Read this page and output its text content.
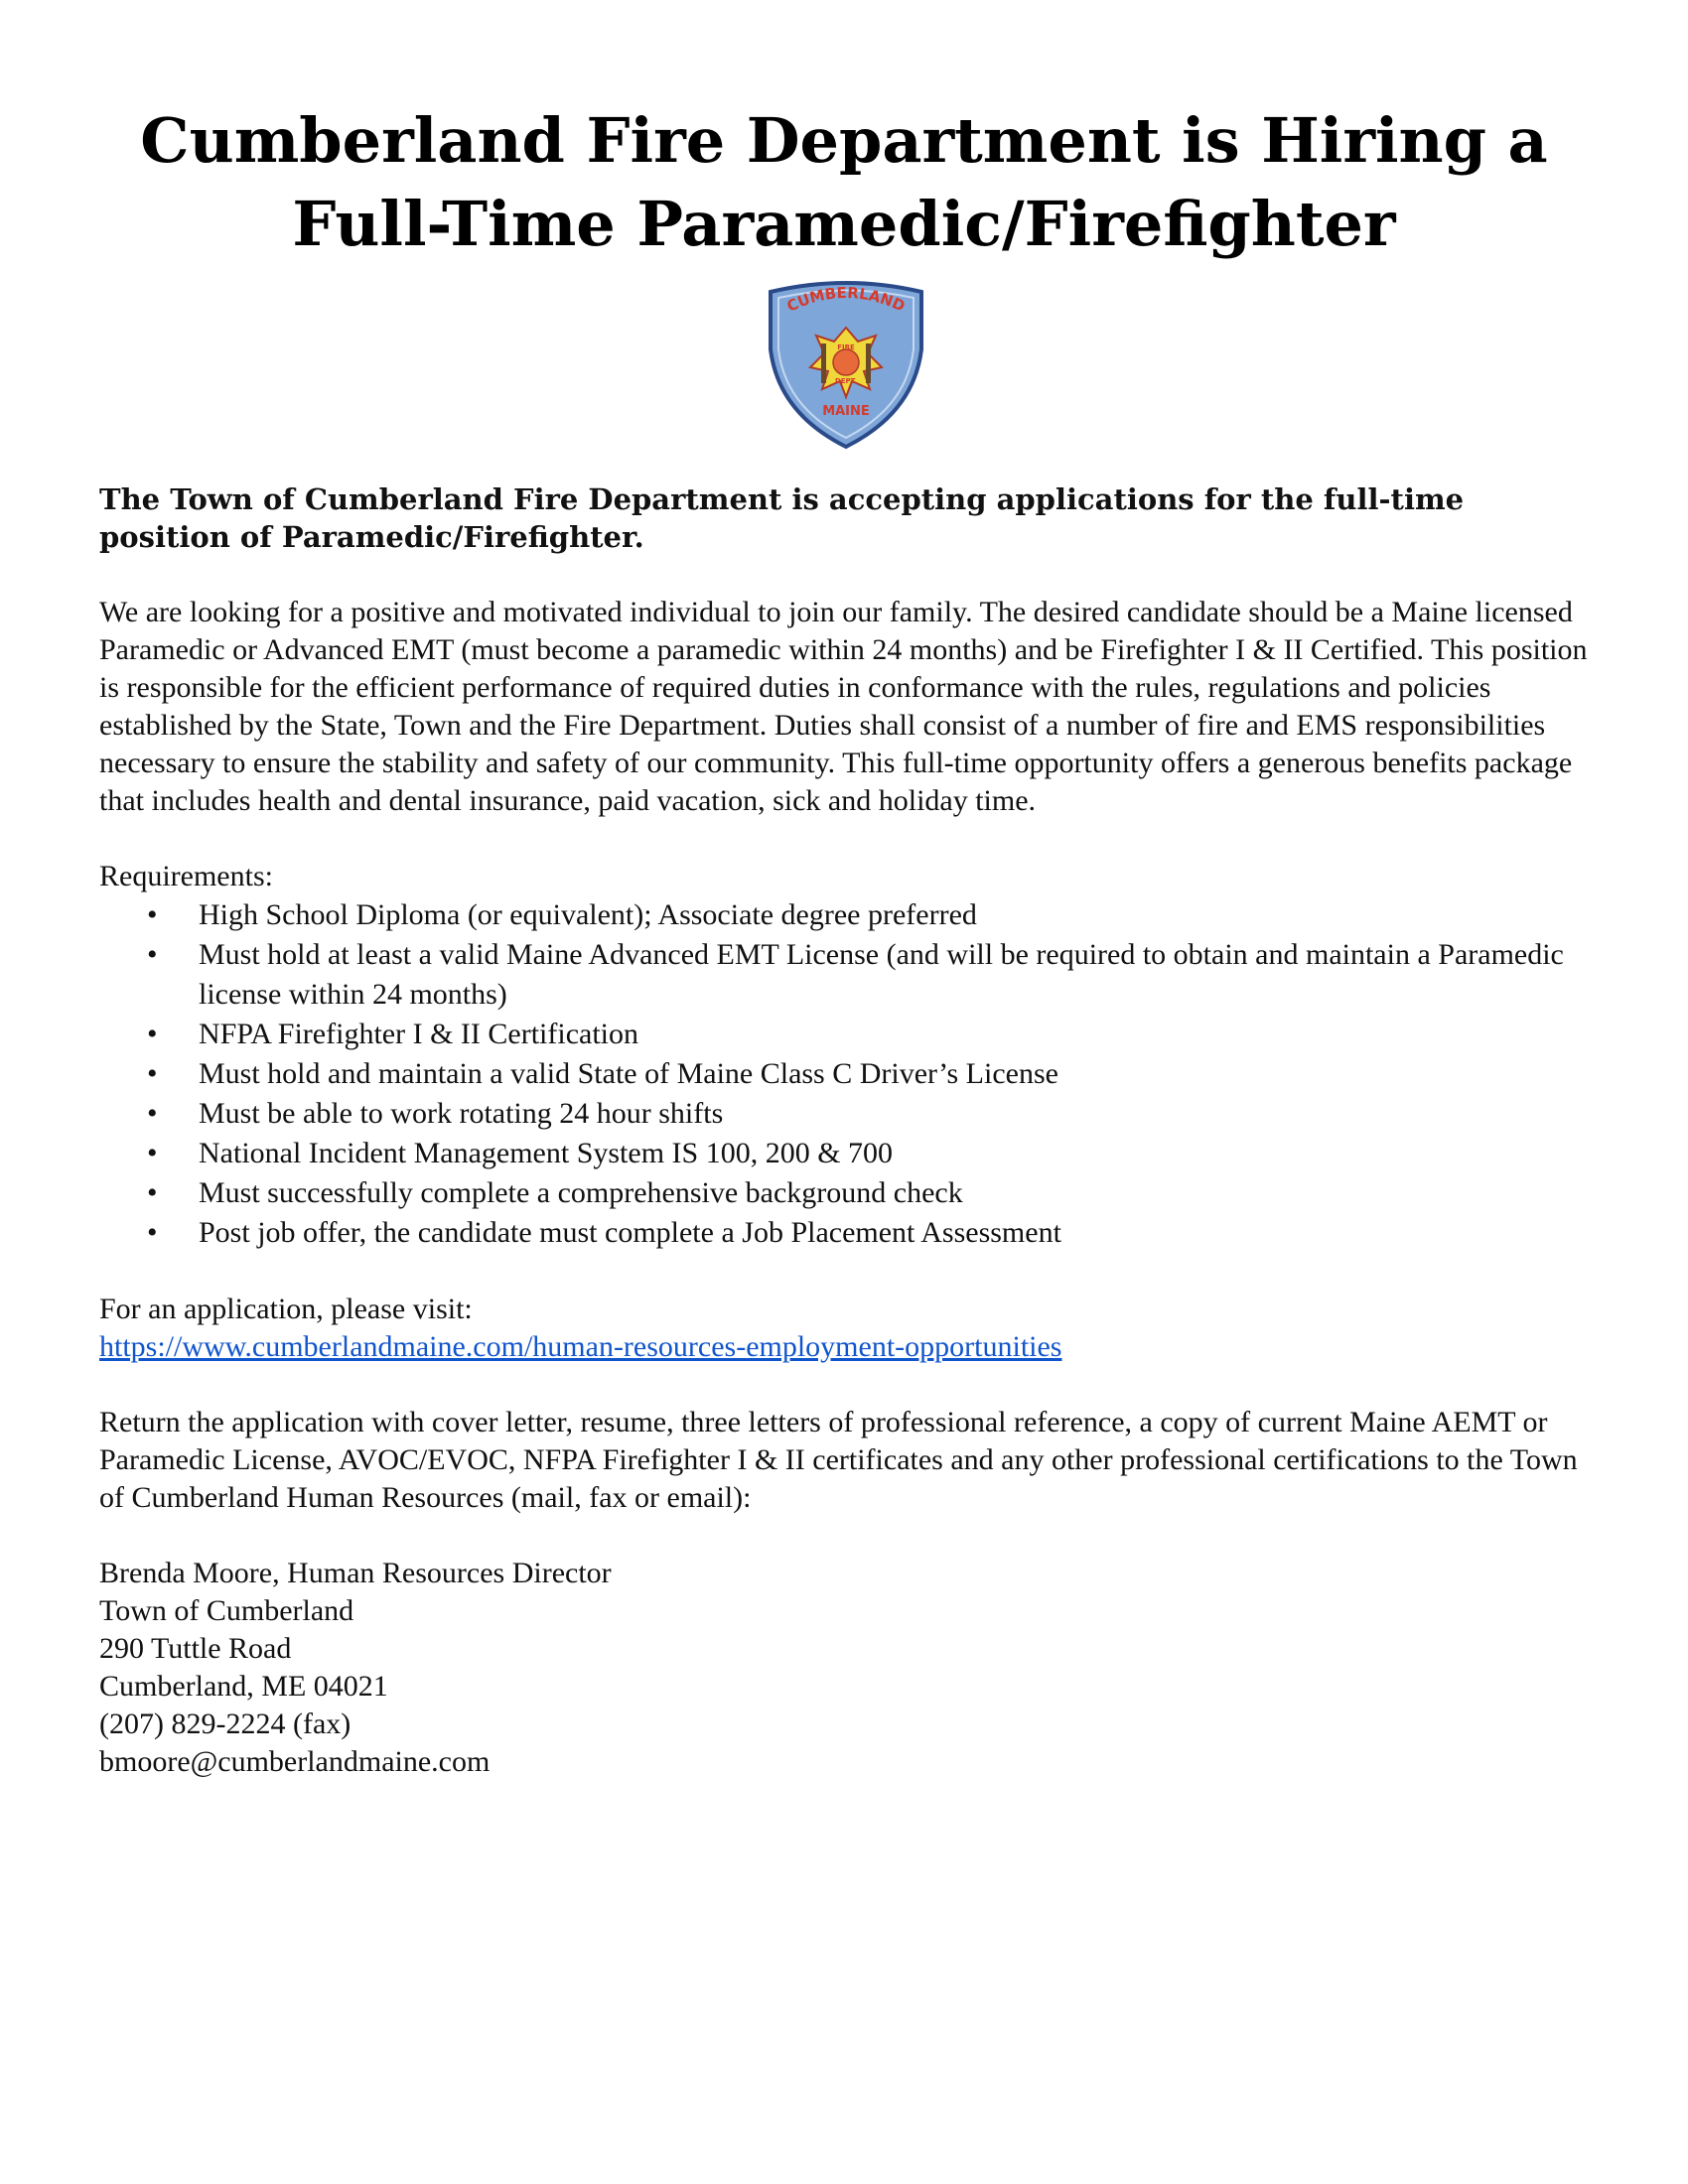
Cumberland Fire Department is Hiring a
Full-Time Paramedic/Firefighter
CUMBERLAND
FIRE
DEPT.
MAINE

The Town of Cumberland Fire Department is accepting applications for the full-time position of Paramedic/Firefighter.

We are looking for a positive and motivated individual to join our family. The desired candidate should be a Maine licensed Paramedic or Advanced EMT (must become a paramedic within 24 months) and be Firefighter I & II Certified. This position is responsible for the efficient performance of required duties in conformance with the rules, regulations and policies established by the State, Town and the Fire Department. Duties shall consist of a number of fire and EMS responsibilities necessary to ensure the stability and safety of our community. This full-time opportunity offers a generous benefits package that includes health and dental insurance, paid vacation, sick and holiday time.

Requirements:

• High School Diploma (or equivalent); Associate degree preferred
• Must hold at least a valid Maine Advanced EMT License (and will be required to obtain and maintain a Paramedic license within 24 months)
• NFPA Firefighter I & II Certification
• Must hold and maintain a valid State of Maine Class C Driver’s License
• Must be able to work rotating 24 hour shifts
• National Incident Management System IS 100, 200 & 700
• Must successfully complete a comprehensive background check
• Post job offer, the candidate must complete a Job Placement Assessment
For an application, please visit:
https://www.cumberlandmaine.com/human-resources-employment-opportunities

Return the application with cover letter, resume, three letters of professional reference, a copy of current Maine AEMT or Paramedic License, AVOC/EVOC, NFPA Firefighter I & II certificates and any other professional certifications to the Town of Cumberland Human Resources (mail, fax or email):

Brenda Moore, Human Resources Director
Town of Cumberland
290 Tuttle Road
Cumberland, ME 04021
(207) 829-2224 (fax)
bmoore@cumberlandmaine.com
